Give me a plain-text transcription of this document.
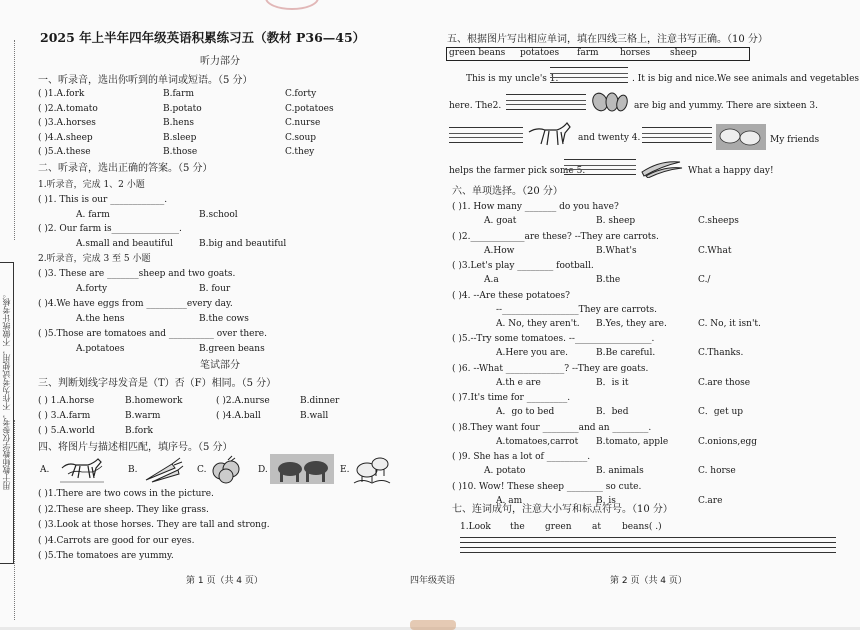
用于教师教学仅参考，不作为考试使用，不做统计考核。
2025 年上半年四年级英语积累练习五（教材 P36—45）
听力部分
一、听录音，选出你听到的单词或短语。（5 分）
( )1.A.fork	B.farm	C.forty
( )2.A.tomato	B.potato	C.potatoes
( )3.A.horses	B.hens	C.nurse
( )4.A.sheep	B.sleep	C.soup
( )5.A.these	B.those	C.they
二、听录音，选出正确的答案。（5 分）
1.听录音，完成 1、2 小题
2.听录音，完成 3 至 5 小题
( )1. This is our ____________.
A. farm	B.school
( )2. Our farm is_______________.
A.small and beautiful	B.big and beautiful
( )3. These are _______sheep and two goats.
A.forty	B. four
( )4.We have eggs from _________every day.
A.the hens	B.the cows
( )5.Those are tomatoes and __________ over there.
A.potatoes	B.green beans
笔试部分
三、判断划线字母发音是（T）否（F）相同。（5 分）
( ) 1.A.horse	B.homework	( )2.A.nurse	B.dinner
( ) 3.A.farm	B.warm	( )4.A.ball	B.wall
( ) 5.A.world	B.fork
四、将图片与描述相匹配，填序号。（5 分）
A.	B.	C.	D.	E.
( )1.There are two cows in the picture.
( )2.These are sheep. They like grass.
( )3.Look at those horses. They are tall and strong.
( )4.Carrots are good for our eyes.
( )5.The tomatoes are yummy.
第 1 页（共 4 页）	四年级英语	第 2 页（共 4 页）
五、根据图片写出相应单词，填在四线三格上，注意书写正确。（10 分）
green beans potatoes farm horses sheep
This is my uncle's 1.	. It is big and nice.We see animals and vegetables
here. The2.	are big and yummy. There are sixteen 3.
and twenty 4.	My friends
helps the farmer pick some 5.	What a happy day!
六、单项选择。（20 分）
( )1. How many _______ do you have?
A. goat	B. sheep	C.sheeps
( )2.____________are these? --They are carrots.
A.How	B.What's	C.What
( )3.Let's play ________ football.
A.a	B.the	C./
( )4. --Are these potatoes?
--_________________They are carrots.
A. No, they aren't. B.Yes, they are.	C. No, it isn't.
( )5.--Try some tomatoes. --_________________.
A.Here you are.	B.Be careful.	C.Thanks.
( )6. --What _____________? --They are goats.
A.th e are	B．is it	C.are those
( )7.It's time for _________.
A．go to bed	B．bed	C．get up
( )8.They want four ________and an ________.
A.tomatoes,carrot B.tomato, apple	C.onions,egg
( )9. She has a lot of _________.
A. potato	B. animals	C. horse
( )10. Wow! These sheep ________ so cute.
A. am	B. is	C.are
七、连词成句，注意大小写和标点符号。（10 分）
1.Look the green at beans( .)
